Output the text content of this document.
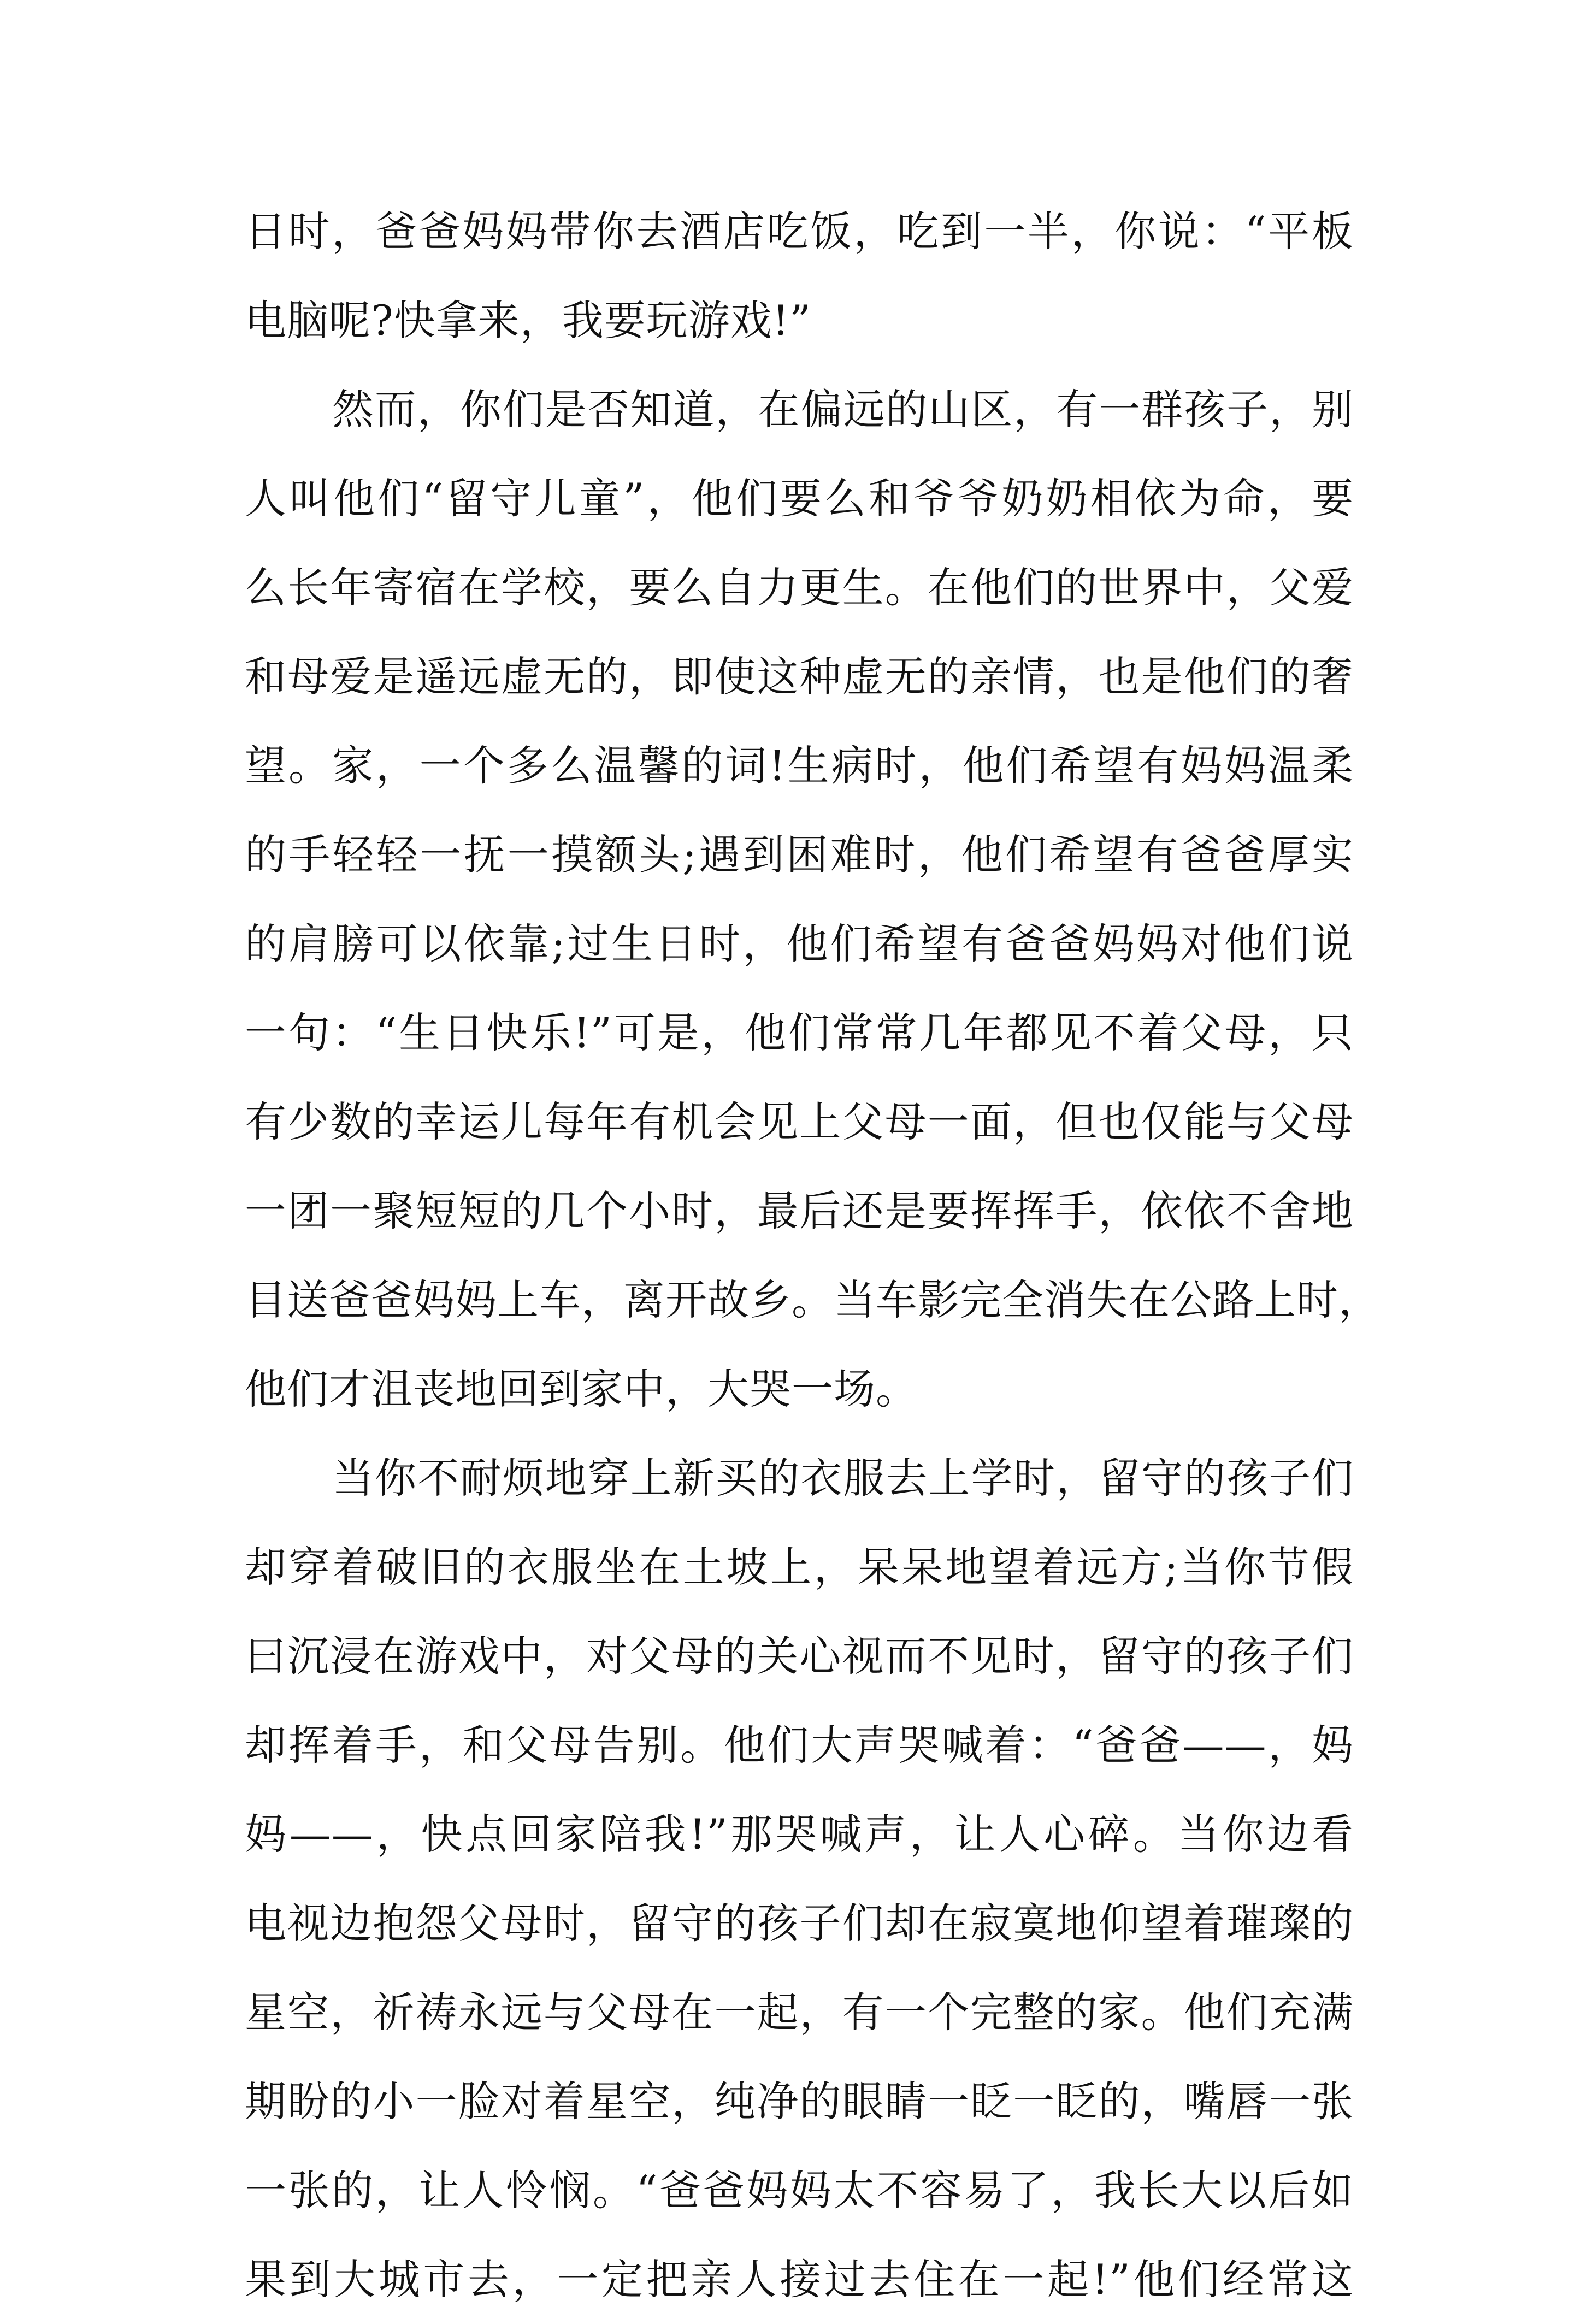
日时，爸爸妈妈带你去酒店吃饭，吃到一半，你说：“平板
电脑呢?快拿来，我要玩游戏!”
然而，你们是否知道，在偏远的山区，有一群孩子，别
人叫他们“留守儿童”，他们要么和爷爷奶奶相依为命，要
么长年寄宿在学校，要么自力更生。在他们的世界中，父爱
和母爱是遥远虚无的，即使这种虚无的亲情，也是他们的奢
望。家，一个多么温馨的词!生病时，他们希望有妈妈温柔
的手轻轻一抚一摸额头;遇到困难时，他们希望有爸爸厚实
的肩膀可以依靠;过生日时，他们希望有爸爸妈妈对他们说
一句：“生日快乐!”可是，他们常常几年都见不着父母，只
有少数的幸运儿每年有机会见上父母一面，但也仅能与父母
一团一聚短短的几个小时，最后还是要挥挥手，依依不舍地
目送爸爸妈妈上车，离开故乡。当车影完全消失在公路上时，
他们才沮丧地回到家中，大哭一场。
当你不耐烦地穿上新买的衣服去上学时，留守的孩子们
却穿着破旧的衣服坐在土坡上，呆呆地望着远方;当你节假
曰沉浸在游戏中，对父母的关心视而不见时，留守的孩子们
却挥着手，和父母告别。他们大声哭喊着：“爸爸——，妈
妈——，快点回家陪我!”那哭喊声，让人心碎。当你边看
电视边抱怨父母时，留守的孩子们却在寂寞地仰望着璀璨的
星空，祈祷永远与父母在一起，有一个完整的家。他们充满
期盼的小一脸对着星空，纯净的眼睛一眨一眨的，嘴唇一张
一张的，让人怜悯。“爸爸妈妈太不容易了，我长大以后如
果到大城市去，一定把亲人接过去住在一起!”他们经常这
